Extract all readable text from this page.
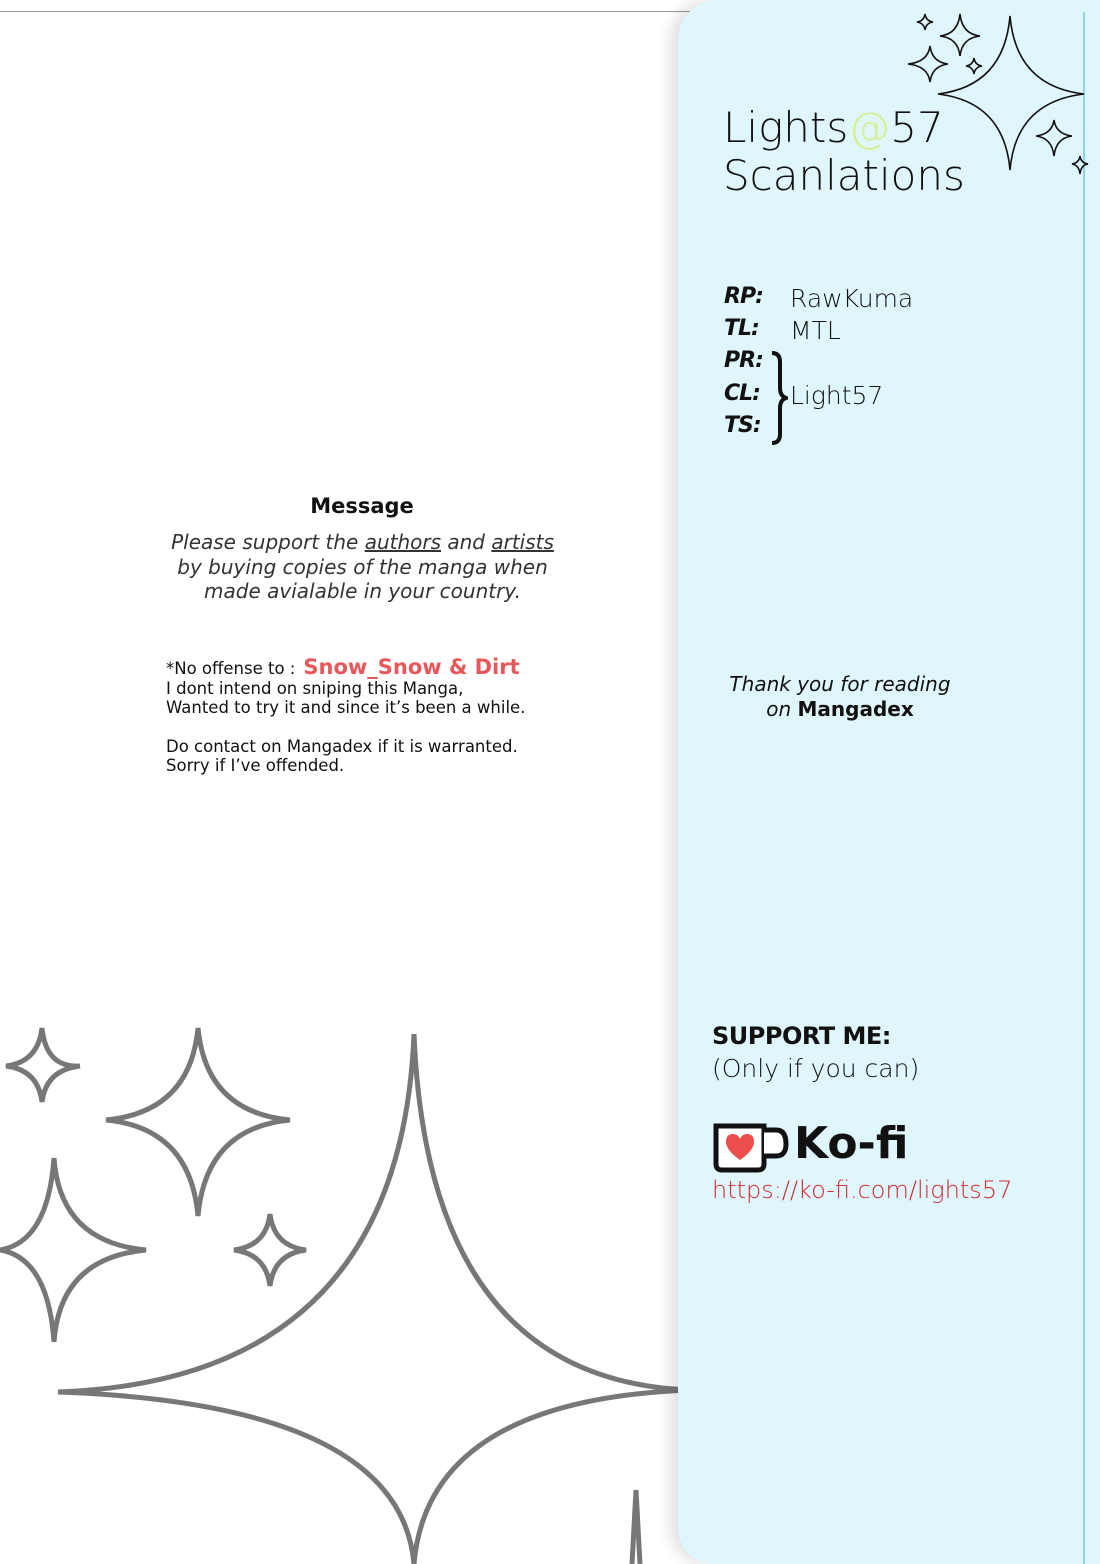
Message
Please support the authors and artists
by buying copies of the manga when
made avialable in your country.

*No offense to : Snow_Snow & Dirt

I dont intend on sniping this Manga,

Wanted to try it and since it’s been a while.

Do contact on Mangadex if it is warranted.

Sorry if I’ve offended.

Lights@57
Scanlations
RP: RawKuma
TL: MTL
PR:
CL: Light57
TS:
Thank you for reading
on Mangadex
SUPPORT ME:
(Only if you can)
Ko-fi
https://ko-fi.com/lights57
